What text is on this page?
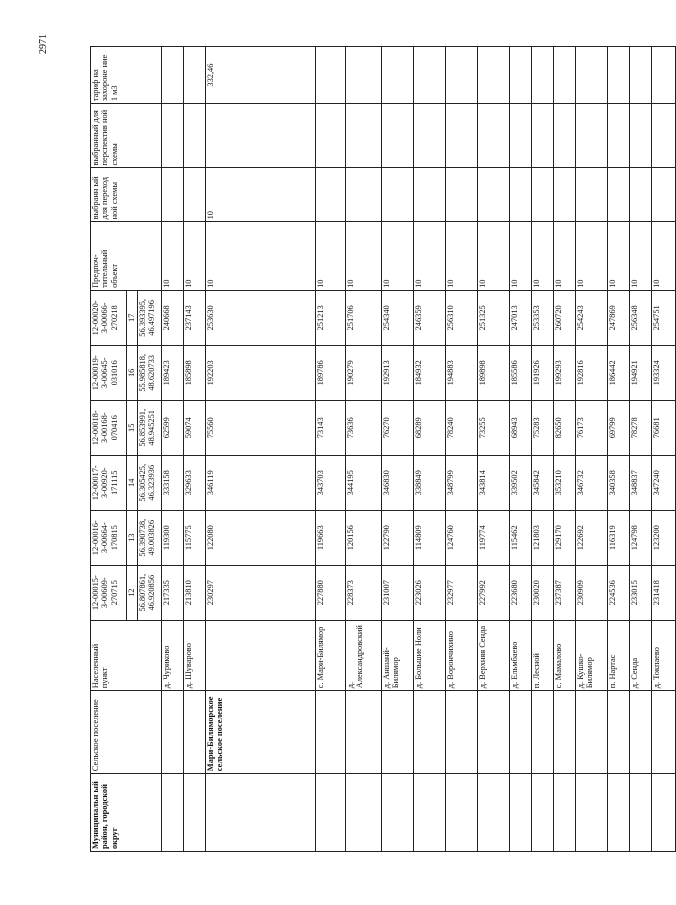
2971
Муниципальн ый район, городской округ	Сельское поселение	Населенный пункт	12-00015-З-00609-270715	12-00016-З-00664-170815	12-00017-З-00920-171115	12-00018-З-00168-070416	12-00019-З-00645-031016	12-00020-З-00066-270218	Предпоч-тительный объект	выбранн ый для переход ной схемы	выбранный для перспектив ной схемы	тариф на захороне ние 1 м3
			12	13	14	15	16	17				
			56.807861, 46.920856	56.390738, 49.003826	56.305425, 46.323936	56.853991, 48.945251	55.985818, 48.620733	56.393395, 46.497196				
		д. Чуриково	217335	119300	333158	62599	189423	240668	10			
		д. Шуварово	213810	115775	329633	59074	185898	237143	10			
	Мари-Биляморское сельское поселение		230297	122080	346119	75560	192203	253630	10	10		332,46
		с. Мари-Билямор	227880	119663	343703	73143	189786	251213	10			
		д. Александровский	228373	120156	344195	73636	190279	251706	10			
		д. Аншанй-Билямор	231007	122790	346830	76270	192913	254340	10			
		д. Большие Ноли	223026	114809	338849	68289	184932	246359	10			
		д. Ворончихино	232977	124760	348799	78240	194883	256310	10			
		д. Верхняя Сенда	227992	119774	343814	73255	189898	251325	10			
		д. Ельмбаево	223680	115462	339502	68943	185586	247013	10			
		п. Лесной	230020	121803	345842	75283	191926	253353	10			
		с. Мамалово	237387	129170	353210	82650	199293	260720	10			
		д. Кушко-Билямор	230909	122692	346732	76173	192816	254243	10			
		п. Нартас	224536	116319	340358	69799	186442	247869	10			
		д. Сенда	233015	124798	348837	78278	194921	256348	10			
		д. Токпаево	231418	123200	347240	76681	193324	254751	10			
